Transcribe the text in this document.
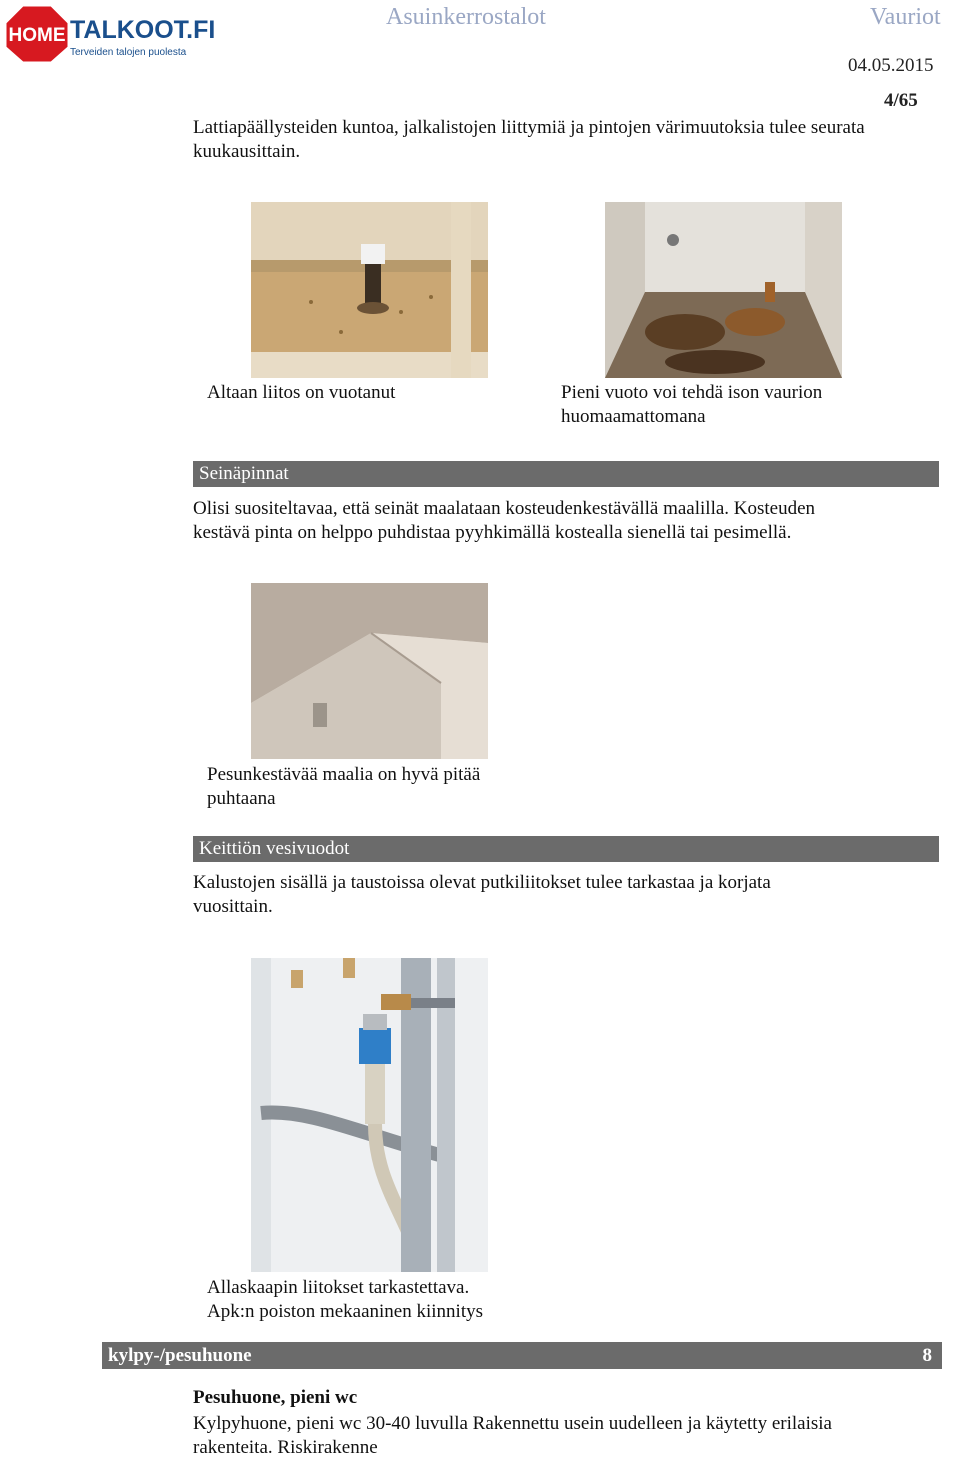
HOME TALKOOT.FI
Terveiden talojen puolesta
Asuinkerrostalot	Vauriot
04.05.2015
4/65
Lattiapäällysteiden kuntoa, jalkalistojen liittymiä ja pintojen värimuutoksia tulee seurata kuukausittain.
Altaan liitos on vuotanut	Pieni vuoto voi tehdä ison vaurion
huomaamattomana
Seinäpinnat
Olisi suositeltavaa, että seinät maalataan kosteudenkestävällä maalilla. Kosteuden
kestävä pinta on helppo puhdistaa pyyhkimällä kostealla sienellä tai pesimellä.
Pesunkestävää maalia on hyvä pitää
puhtaana
Keittiön vesivuodot
Kalustojen sisällä ja taustoissa olevat putkiliitokset tulee tarkastaa ja korjata
vuosittain.
Allaskaapin liitokset tarkastettava.
Apk:n poiston mekaaninen kiinnitys
kylpy-/pesuhuone	8
Pesuhuone, pieni wc
Kylpyhuone, pieni wc 30-40 luvulla Rakennettu usein uudelleen ja käytetty erilaisia
rakenteita. Riskirakenne
